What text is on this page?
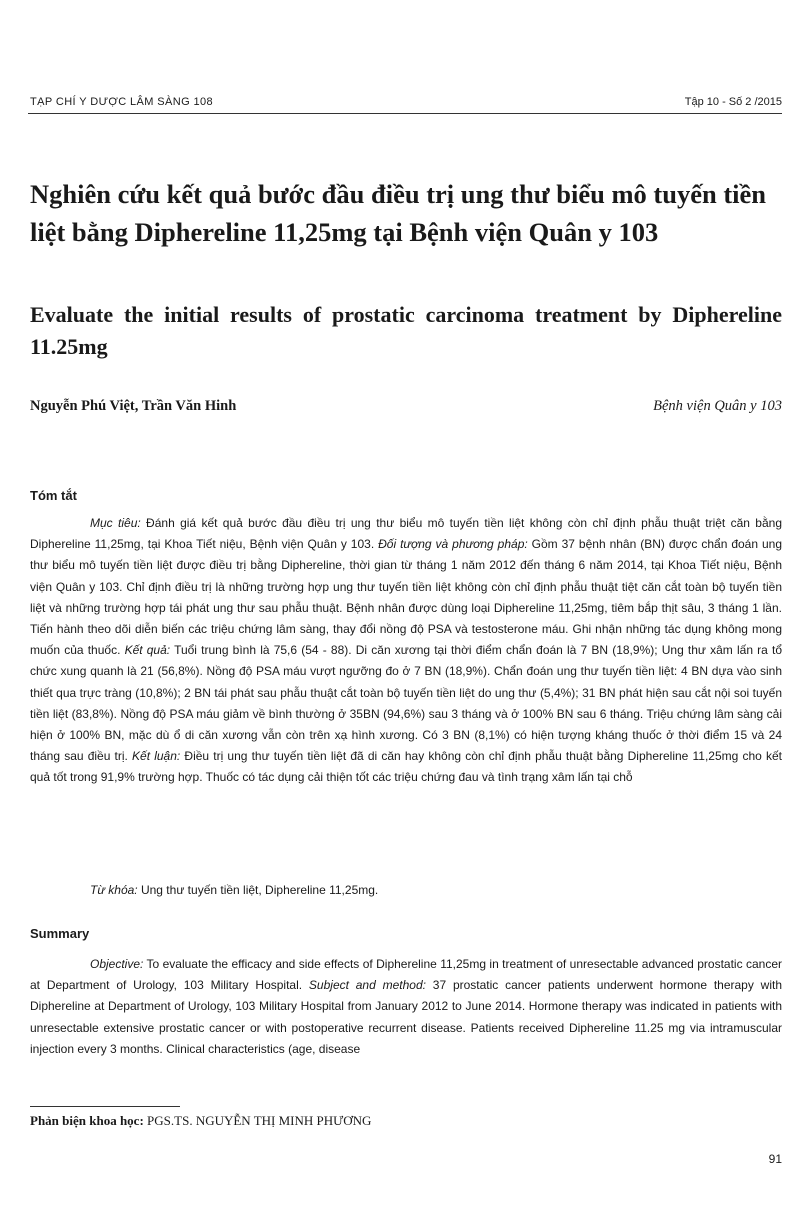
TẠP CHÍ Y DƯỢC LÂM SÀNG 108	Tập 10 - Số 2 /2015
Nghiên cứu kết quả bước đầu điều trị ung thư biểu mô tuyến tiền liệt bằng Diphereline 11,25mg tại Bệnh viện Quân y 103
Evaluate the initial results of prostatic carcinoma treatment by Diphereline 11.25mg
Nguyễn Phú Việt, Trần Văn Hinh	Bệnh viện Quân y 103
Tóm tắt

Mục tiêu: Đánh giá kết quả bước đầu điều trị ung thư biểu mô tuyến tiền liệt không còn chỉ định phẫu thuật triệt căn bằng Diphereline 11,25mg, tại Khoa Tiết niệu, Bệnh viện Quân y 103. Đối tượng và phương pháp: Gồm 37 bệnh nhân (BN) được chẩn đoán ung thư biểu mô tuyến tiền liệt được điều trị bằng Diphereline, thời gian từ tháng 1 năm 2012 đến tháng 6 năm 2014, tại Khoa Tiết niệu, Bệnh viện Quân y 103. Chỉ định điều trị là những trường hợp ung thư tuyến tiền liệt không còn chỉ định phẫu thuật tiệt căn cắt toàn bộ tuyến tiền liệt và những trường hợp tái phát ung thư sau phẫu thuật. Bệnh nhân được dùng loại Diphereline 11,25mg, tiêm bắp thịt sâu, 3 tháng 1 lần. Tiến hành theo dõi diễn biến các triệu chứng lâm sàng, thay đổi nồng độ PSA và testosterone máu. Ghi nhận những tác dụng không mong muốn của thuốc. Kết quả: Tuổi trung bình là 75,6 (54 - 88). Di căn xương tại thời điểm chẩn đoán là 7 BN (18,9%); Ung thư xâm lấn ra tổ chức xung quanh là 21 (56,8%). Nồng độ PSA máu vượt ngưỡng đo ở 7 BN (18,9%). Chẩn đoán ung thư tuyến tiền liệt: 4 BN dựa vào sinh thiết qua trực tràng (10,8%); 2 BN tái phát sau phẫu thuật cắt toàn bộ tuyến tiền liệt do ung thư (5,4%); 31 BN phát hiện sau cắt nội soi tuyến tiền liệt (83,8%). Nồng độ PSA máu giảm về bình thường ở 35BN (94,6%) sau 3 tháng và ở 100% BN sau 6 tháng. Triệu chứng lâm sàng cải hiện ở 100% BN, mặc dù ổ di căn xương vẫn còn trên xạ hình xương. Có 3 BN (8,1%) có hiện tượng kháng thuốc ở thời điểm 15 và 24 tháng sau điều trị. Kết luận: Điều trị ung thư tuyến tiền liệt đã di căn hay không còn chỉ định phẫu thuật bằng Diphereline 11,25mg cho kết quả tốt trong 91,9% trường hợp. Thuốc có tác dụng cải thiện tốt các triệu chứng đau và tình trạng xâm lấn tại chỗ

Từ khóa: Ung thư tuyến tiền liệt, Diphereline 11,25mg.
Summary

Objective: To evaluate the efficacy and side effects of Diphereline 11,25mg in treatment of unresectable advanced prostatic cancer at Department of Urology, 103 Military Hospital. Subject and method: 37 prostatic cancer patients underwent hormone therapy with Diphereline at Department of Urology, 103 Military Hospital from January 2012 to June 2014. Hormone therapy was indicated in patients with unresectable extensive prostatic cancer or with postoperative recurrent disease. Patients received Diphereline 11.25 mg via intramuscular injection every 3 months. Clinical characteristics (age, disease

Phản biện khoa học: PGS.TS. NGUYỄN THỊ MINH PHƯƠNG
91
